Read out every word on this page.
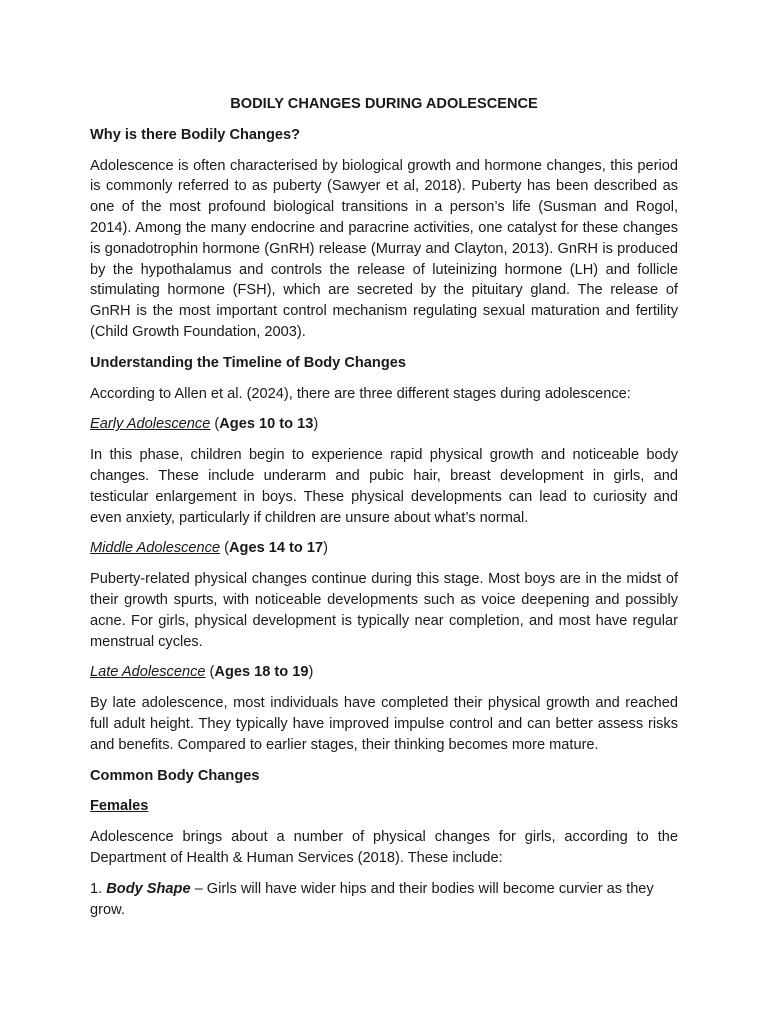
BODILY CHANGES DURING ADOLESCENCE
Why is there Bodily Changes?

Adolescence is often characterised by biological growth and hormone changes, this period is commonly referred to as puberty (Sawyer et al, 2018). Puberty has been described as one of the most profound biological transitions in a person’s life (Susman and Rogol, 2014). Among the many endocrine and paracrine activities, one catalyst for these changes is gonadotrophin hormone (GnRH) release (Murray and Clayton, 2013). GnRH is produced by the hypothalamus and controls the release of luteinizing hormone (LH) and follicle stimulating hormone (FSH), which are secreted by the pituitary gland. The release of GnRH is the most important control mechanism regulating sexual maturation and fertility (Child Growth Foundation, 2003).

Understanding the Timeline of Body Changes

According to Allen et al. (2024), there are three different stages during adolescence:

Early Adolescence (Ages 10 to 13)

In this phase, children begin to experience rapid physical growth and noticeable body changes. These include underarm and pubic hair, breast development in girls, and testicular enlargement in boys. These physical developments can lead to curiosity and even anxiety, particularly if children are unsure about what’s normal.

Middle Adolescence (Ages 14 to 17)

Puberty-related physical changes continue during this stage. Most boys are in the midst of their growth spurts, with noticeable developments such as voice deepening and possibly acne. For girls, physical development is typically near completion, and most have regular menstrual cycles.

Late Adolescence (Ages 18 to 19)

By late adolescence, most individuals have completed their physical growth and reached full adult height. They typically have improved impulse control and can better assess risks and benefits. Compared to earlier stages, their thinking becomes more mature.

Common Body Changes
Females

Adolescence brings about a number of physical changes for girls, according to the Department of Health & Human Services (2018). These include:

1. Body Shape – Girls will have wider hips and their bodies will become curvier as they grow.
